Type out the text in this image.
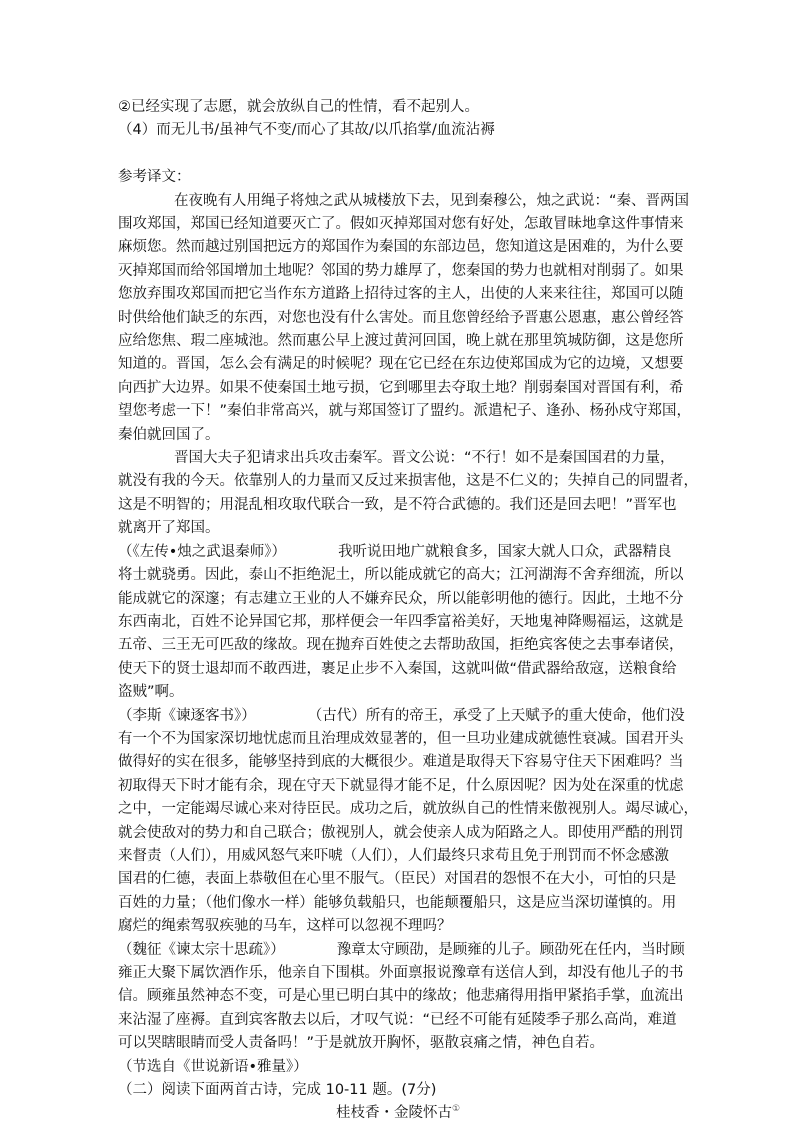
②已经实现了志愿，就会放纵自己的性情，看不起别人。
（4）而无儿书/虽神气不变/而心了其故/以爪掐掌/血流沾褥
参考译文：
在夜晚有人用绳子将烛之武从城楼放下去，见到秦穆公，烛之武说：“秦、晋两国
围攻郑国，郑国已经知道要灭亡了。假如灭掉郑国对您有好处，怎敢冒昧地拿这件事情来
麻烦您。然而越过别国把远方的郑国作为秦国的东部边邑，您知道这是困难的，为什么要
灭掉郑国而给邻国增加土地呢？邻国的势力雄厚了，您秦国的势力也就相对削弱了。如果
您放弃围攻郑国而把它当作东方道路上招待过客的主人，出使的人来来往往，郑国可以随
时供给他们缺乏的东西，对您也没有什么害处。而且您曾经给予晋惠公恩惠，惠公曾经答
应给您焦、瑕二座城池。然而惠公早上渡过黄河回国，晚上就在那里筑城防御，这是您所
知道的。晋国，怎么会有满足的时候呢？现在它已经在东边使郑国成为它的边境，又想要
向西扩大边界。如果不使秦国土地亏损，它到哪里去夺取土地？削弱秦国对晋国有利，希
望您考虑一下！”秦伯非常高兴，就与郑国签订了盟约。派遣杞子、逢孙、杨孙戍守郑国，
秦伯就回国了。
晋国大夫子犯请求出兵攻击秦军。晋文公说：“不行！如不是秦国国君的力量，
就没有我的今天。依靠别人的力量而又反过来损害他，这是不仁义的；失掉自己的同盟者，
这是不明智的；用混乱相攻取代联合一致，是不符合武德的。我们还是回去吧！”晋军也
就离开了郑国。
（《左传•烛之武退秦师》）	我听说田地广就粮食多，国家大就人口众，武器精良
将士就骁勇。因此，泰山不拒绝泥土，所以能成就它的高大；江河湖海不舍弃细流，所以
能成就它的深邃；有志建立王业的人不嫌弃民众，所以能彰明他的德行。因此，土地不分
东西南北，百姓不论异国它邦，那样便会一年四季富裕美好，天地鬼神降赐福运，这就是
五帝、三王无可匹敌的缘故。现在抛弃百姓使之去帮助敌国，拒绝宾客使之去事奉诸侯，
使天下的贤士退却而不敢西进，裹足止步不入秦国，这就叫做“借武器给敌寇，送粮食给
盗贼”啊。
（李斯《谏逐客书》）	（古代）所有的帝王，承受了上天赋予的重大使命，他们没
有一个不为国家深切地忧虑而且治理成效显著的，但一旦功业建成就德性衰减。国君开头
做得好的实在很多，能够坚持到底的大概很少。难道是取得天下容易守住天下困难吗？当
初取得天下时才能有余，现在守天下就显得才能不足，什么原因呢？因为处在深重的忧虑
之中，一定能竭尽诚心来对待臣民。成功之后，就放纵自己的性情来傲视别人。竭尽诚心，
就会使敌对的势力和自己联合；傲视别人，就会使亲人成为陌路之人。即使用严酷的刑罚
来督责（人们），用威风怒气来吓唬（人们），人们最终只求苟且免于刑罚而不怀念感激
国君的仁德，表面上恭敬但在心里不服气。（臣民）对国君的怨恨不在大小，可怕的只是
百姓的力量；（他们像水一样）能够负载船只，也能颠覆船只，这是应当深切谨慎的。用
腐烂的绳索驾驭疾驰的马车，这样可以忽视不理吗？
（魏征《谏太宗十思疏》）	豫章太守顾劭，是顾雍的儿子。顾劭死在任内，当时顾
雍正大聚下属饮酒作乐，他亲自下围棋。外面禀报说豫章有送信人到，却没有他儿子的书
信。顾雍虽然神态不变，可是心里已明白其中的缘故；他悲痛得用指甲紧掐手掌，血流出
来沾湿了座褥。直到宾客散去以后，才叹气说：“已经不可能有延陵季子那么高尚，难道
可以哭瞎眼睛而受人责备吗！”于是就放开胸怀，驱散哀痛之情，神色自若。
（节选自《世说新语•雅量》）
（二）阅读下面两首古诗，完成 10-11 题。(7分)
桂枝香・金陵怀古①
